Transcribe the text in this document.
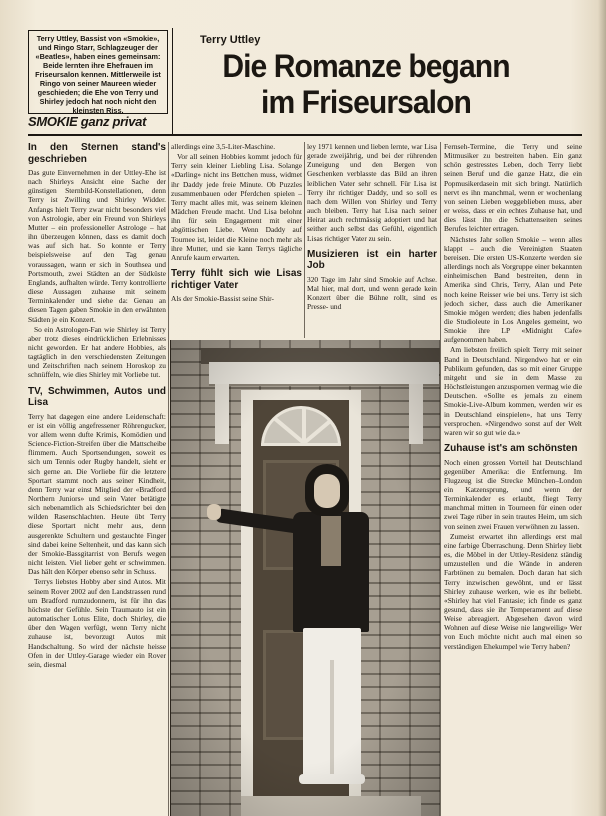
Terry Uttley, Bassist von «Smokie», und Ringo Starr, Schlagzeuger der «Beatles», haben eines gemeinsam: Beide lernten ihre Ehefrauen im Friseursalon kennen. Mittlerweile ist Ringo von seiner Maureen wieder geschieden; die Ehe von Terry und Shirley jedoch hat noch nicht den kleinsten Riss.
Terry Uttley
Die Romanze begann
im Friseursalon
SMOKIE ganz privat
In den Sternen stand's geschrieben

Das gute Einvernehmen in der Uttley-Ehe ist nach Shirleys Ansicht eine Sache der günstigen Sternbild-Konstellationen, denn Terry ist Zwilling und Shirley Widder. Anfangs hielt Terry zwar nicht besonders viel von Astrologie, aber ein Freund von Shirleys Mutter – ein professioneller Astrologe – hat ihn überzeugen können, dass es damit doch was auf sich hat. So konnte er Terry beispielsweise auf den Tag genau voraussagen, wann er sich in Southsea und Portsmouth, zwei Städten an der Südküste Englands, aufhalten würde. Terry kontrollierte diese Aussagen zuhause mit seinem Terminkalender und siehe da: Genau an diesen Tagen gaben Smokie in den erwähnten Städten je ein Konzert.

So ein Astrologen-Fan wie Shirley ist Terry aber trotz dieses eindrücklichen Erlebnisses nicht geworden. Er hat andere Hobbies, als tagtäglich in den verschiedensten Zeitungen und Zeitschriften nach seinem Horoskop zu schnüffeln, wie dies Shirley mit Vorliebe tut.

TV, Schwimmen, Autos und Lisa

Terry hat dagegen eine andere Leidenschaft: er ist ein völlig angefressener Röhrengucker, vor allem wenn dufte Krimis, Komödien und Science-Fiction-Streifen über die Mattscheibe flimmern. Auch Sportsendungen, soweit es sich um Tennis oder Rugby handelt, sieht er sich gerne an. Die Vorliebe für die letztere Sportart stammt noch aus seiner Kindheit, denn Terry war einst Mitglied der «Bradford Northern Juniors» und sein Vater betätigte sich nebenamtlich als Schiedsrichter bei den wilden Rasenschlachten. Heute übt Terry diese Sportart nicht mehr aus, denn ausgerenkte Schultern und gestauchte Finger sind dabei keine Seltenheit, und das kann sich der Smokie-Bassgitarrist von Berufs wegen nicht leisten. Viel lieber geht er schwimmen. Das hält den Körper ebenso sehr in Schuss.

Terrys liebstes Hobby aber sind Autos. Mit seinem Rover 2002 auf den Landstrassen rund um Bradford rumzudonnern, ist für ihn das höchste der Gefühle. Sein Traumauto ist ein automatischer Lotus Elite, doch Shirley, die über den Wagen verfügt, wenn Terry nicht zuhause ist, bevorzugt Autos mit Handschaltung. So wird der nächste heisse Ofen in der Uttley-Garage wieder ein Rover sein, diesmal

allerdings eine 3,5-Liter-Maschine.

Vor all seinen Hobbies kommt jedoch für Terry sein kleiner Liebling Lisa. Solange «Darling» nicht ins Bettchen muss, widmet ihr Daddy jede freie Minute. Ob Puzzles zusammenbauen oder Pferdchen spielen – Terry macht alles mit, was seinem kleinen Mädchen Freude macht. Und Lisa belohnt ihn für sein Engagement mit einer abgöttischen Liebe. Wenn Daddy auf Tournee ist, leidet die Kleine noch mehr als ihre Mutter, und sie kann Terrys tägliche Anrufe kaum erwarten.

Terry fühlt sich wie Lisas richtiger Vater

Als der Smokie-Bassist seine Shir-

ley 1971 kennen und lieben lernte, war Lisa gerade zweijährig, und bei der rührenden Zuneigung und den Bergen von Geschenken verblasste das Bild an ihren leiblichen Vater sehr schnell. Für Lisa ist Terry ihr richtiger Daddy, und so soll es nach dem Willen von Shirley und Terry auch bleiben. Terry hat Lisa nach seiner Heirat auch rechtmässig adoptiert und hat seither auch selbst das Gefühl, eigentlich Lisas richtiger Vater zu sein.

Musizieren ist ein harter Job

320 Tage im Jahr sind Smokie auf Achse. Mal hier, mal dort, und wenn gerade kein Konzert über die Bühne rollt, sind es Presse- und

Fernseh-Termine, die Terry und seine Mitmusiker zu bestreiten haben. Ein ganz schön gestresstes Leben, doch Terry liebt seinen Beruf und die ganze Hatz, die ein Popmusikerdasein mit sich bringt. Natürlich nervt es ihn manchmal, wenn er wochenlang von seinen Lieben weggeblieben muss, aber er weiss, dass er ein echtes Zuhause hat, und dies lässt ihn die Schattenseiten seines Berufes leichter ertragen.

Nächstes Jahr sollen Smokie – wenn alles klappt – auch die Vereinigten Staaten bereisen. Die ersten US-Konzerte werden sie allerdings noch als Vorgruppe einer bekannten einheimischen Band bestreiten, denn in Amerika sind Chris, Terry, Alan und Pete noch keine Reisser wie bei uns. Terry ist sich jedoch sicher, dass auch die Amerikaner Smokie mögen werden; dies haben jedenfalls die Studioleute in Los Angeles gemeint, wo Smokie ihre LP «Midnight Cafe» aufgenommen haben.

Am liebsten freilich spielt Terry mit seiner Band in Deutschland. Nirgendwo hat er ein Publikum gefunden, das so mit einer Gruppe mitgeht und sie in dem Masse zu Höchstleistungen anzuspornen vermag wie die Deutschen. «Sollte es jemals zu einem Smokie-Live-Album kommen, werden wir es in Deutschland einspielen», hat uns Terry versprochen. «Nirgendwo sonst auf der Welt waren wir so gut wie da.»

Zuhause ist's am schönsten

Noch einen grossen Vorteil hat Deutschland gegenüber Amerika: die Entfernung. Im Flugzeug ist die Strecke München–London ein Katzensprung, und wenn der Terminkalender es erlaubt, fliegt Terry manchmal mitten in Tourneen für einen oder zwei Tage rüber in sein trautes Heim, um sich von seinen zwei Frauen verwöhnen zu lassen.

Zumeist erwartet ihn allerdings erst mal eine farbige Überraschung. Denn Shirley liebt es, die Möbel in der Uttley-Residenz ständig umzustellen und die Wände in anderen Farbtönen zu bemalen. Doch daran hat sich Terry inzwischen gewöhnt, und er lässt Shirley zuhause werken, wie es ihr beliebt. «Shirley hat viel Fantasie; ich finde es ganz gesund, dass sie ihr Temperament auf diese Weise abreagiert. Abgesehen davon wird Wohnen auf diese Weise nie langweilig» Wer von Euch möchte nicht auch mal einen so verständigen Ehekumpel wie Terry haben?
